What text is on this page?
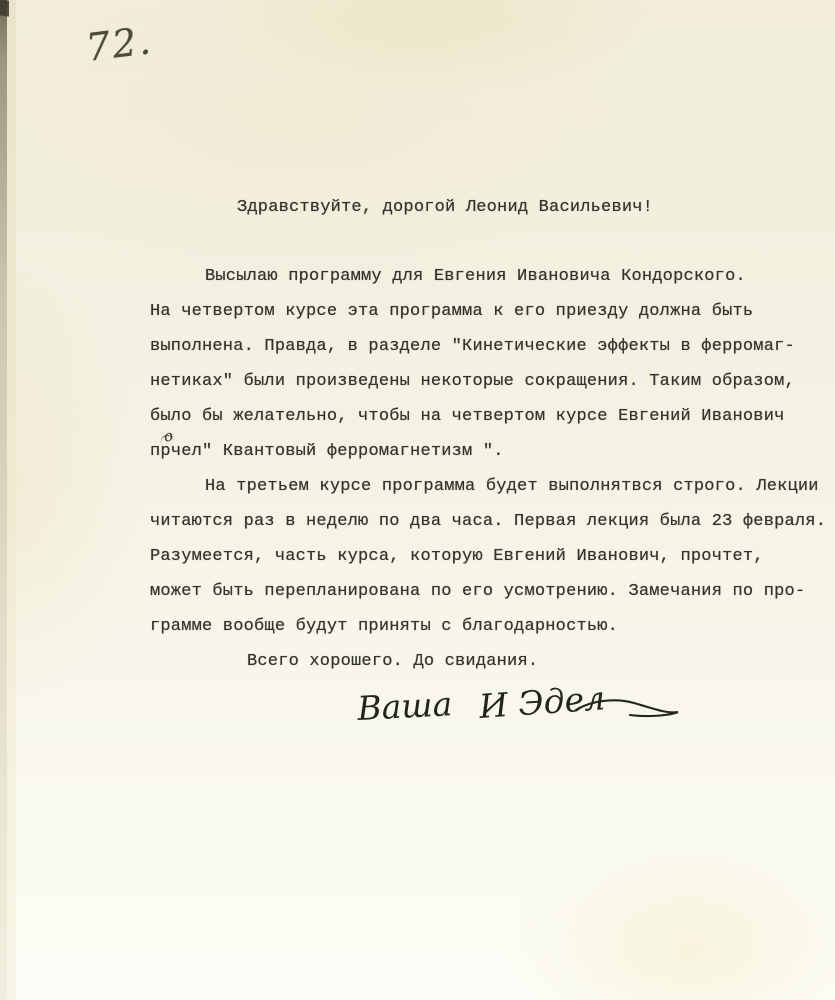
72.
Здравствуйте, дорогой Леонид Васильевич!
Высылаю программу для Евгения Ивановича Кондорского.
На четвертом курсе эта программа к его приезду должна быть
выполнена. Правда, в разделе "Кинетические эффекты в ферромаг-
нетиках" были произведены некоторые сокращения. Таким образом,
было бы желательно, чтобы на четвертом курсе Евгений Иванович
пр
о
чел" Квантовый ферромагнетизм ".
На третьем курсе программа будет выполнятвся строго. Лекции
читаются раз в неделю по два часа. Первая лекция была 23 февраля.
Разумеется, часть курса, которую Евгений Иванович, прочтет,
может быть перепланирована по его усмотрению. Замечания по про-
грамме вообще будут приняты с благодарностью.
Всего хорошего. До свидания.
Ваша И Эдел
